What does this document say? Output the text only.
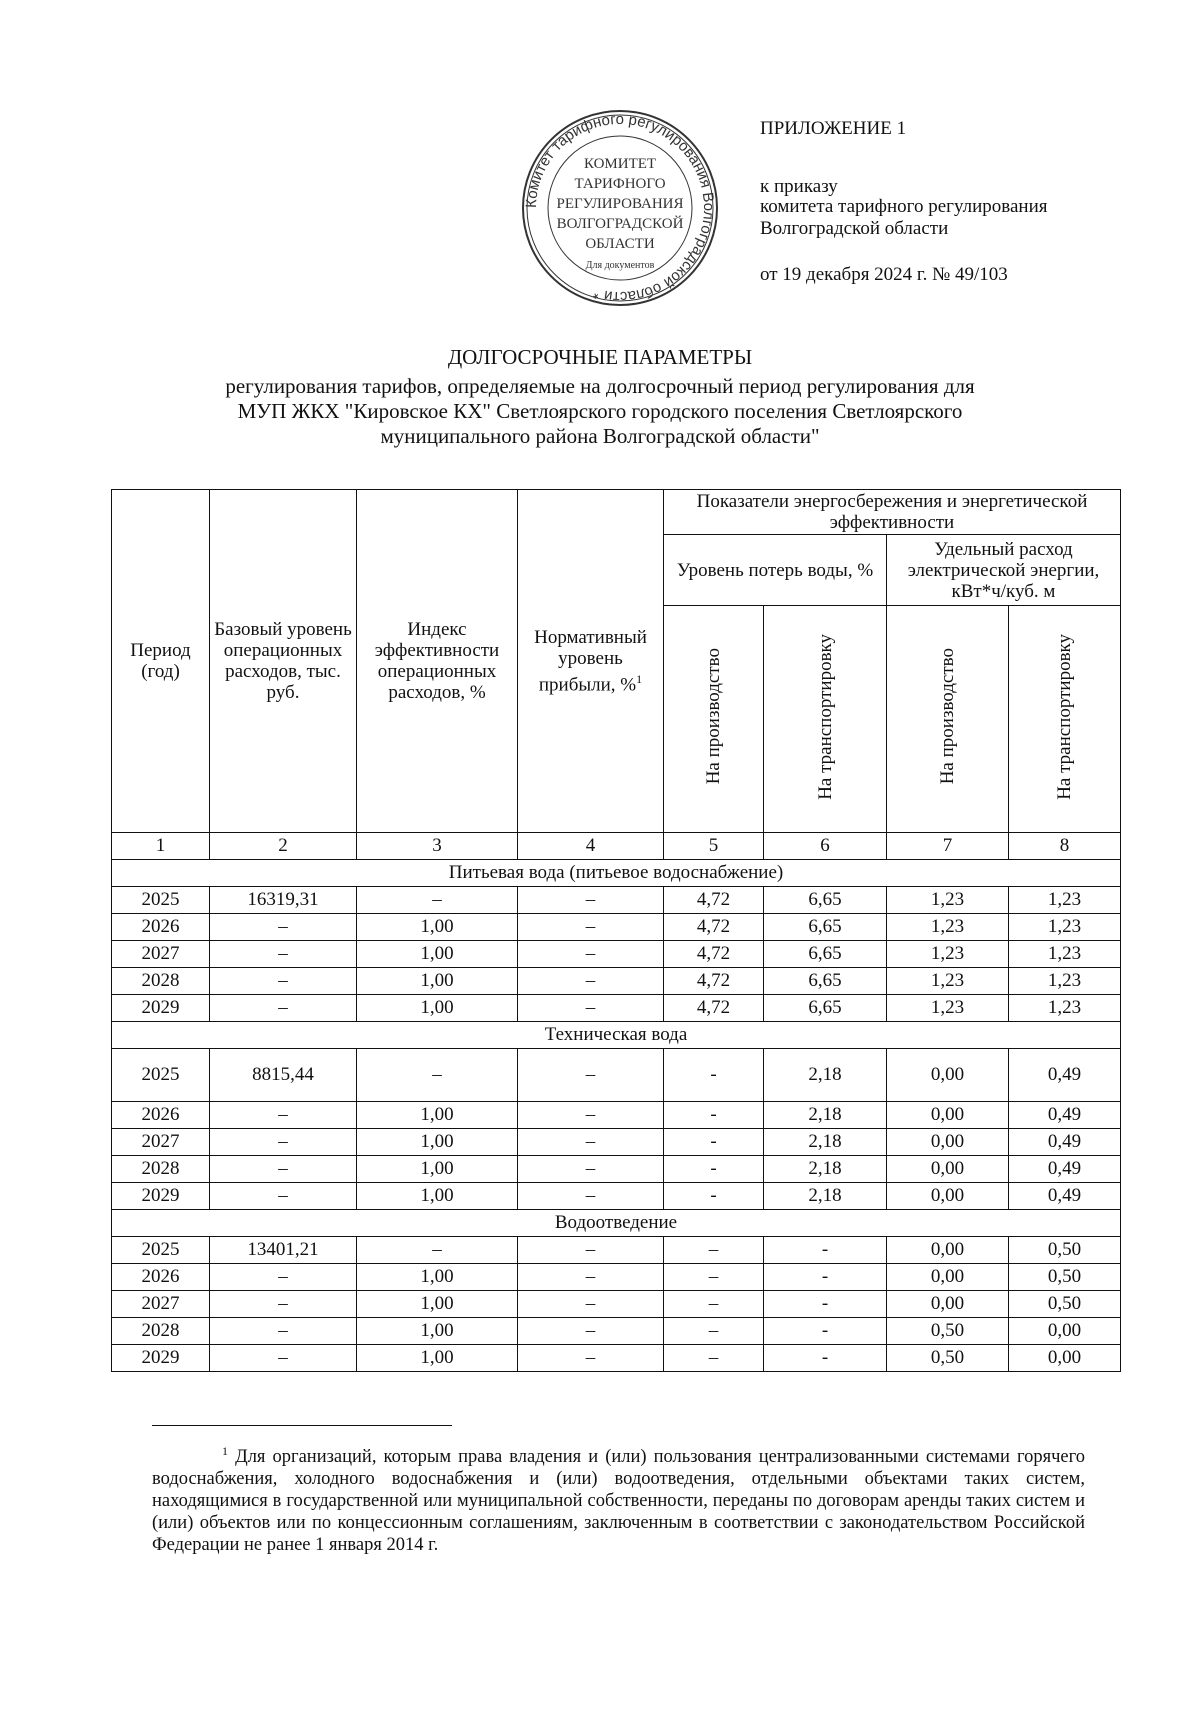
ПРИЛОЖЕНИЕ 1
к приказу
комитета тарифного регулирования
Волгоградской области
от 19 декабря 2024 г. № 49/103
Комитет тарифного регулирования Волгоградской области *
КОМИТЕТ
ТАРИФНОГО
РЕГУЛИРОВАНИЯ
ВОЛГОГРАДСКОЙ
ОБЛАСТИ
Для документов
ДОЛГОСРОЧНЫЕ ПАРАМЕТРЫ
регулирования тарифов, определяемые на долгосрочный период регулирования для
МУП ЖКХ "Кировское КХ" Светлоярского городского поселения Светлоярского
муниципального района Волгоградской области"
Период (год)	Базовый уровень операционных расходов, тыс. руб.	Индекс эффективности операционных расходов, %	Нормативный уровень прибыли, %$^1$	Показатели энергосбережения и энергетической эффективности			
				Уровень потерь воды, %		Удельный расход электрической энергии, кВт*ч/куб. м	
				На производство	На транспортировку	На производство	На транспортировку
1	2	3	4	5	6	7	8
Питьевая вода (питьевое водоснабжение)							
2025	16319,31	–	–	4,72	6,65	1,23	1,23
2026	–	1,00	–	4,72	6,65	1,23	1,23
2027	–	1,00	–	4,72	6,65	1,23	1,23
2028	–	1,00	–	4,72	6,65	1,23	1,23
2029	–	1,00	–	4,72	6,65	1,23	1,23
Техническая вода							
2025	8815,44	–	–	-	2,18	0,00	0,49
2026	–	1,00	–	-	2,18	0,00	0,49
2027	–	1,00	–	-	2,18	0,00	0,49
2028	–	1,00	–	-	2,18	0,00	0,49
2029	–	1,00	–	-	2,18	0,00	0,49
Водоотведение							
2025	13401,21	–	–	–	-	0,00	0,50
2026	–	1,00	–	–	-	0,00	0,50
2027	–	1,00	–	–	-	0,00	0,50
2028	–	1,00	–	–	-	0,50	0,00
2029	–	1,00	–	–	-	0,50	0,00
$^1$ Для организаций, которым права владения и (или) пользования централизованными системами горячего водоснабжения, холодного водоснабжения и (или) водоотведения, отдельными объектами таких систем, находящимися в государственной или муниципальной собственности, переданы по договорам аренды таких систем и (или) объектов или по концессионным соглашениям, заключенным в соответствии с законодательством Российской Федерации не ранее 1 января 2014 г.
